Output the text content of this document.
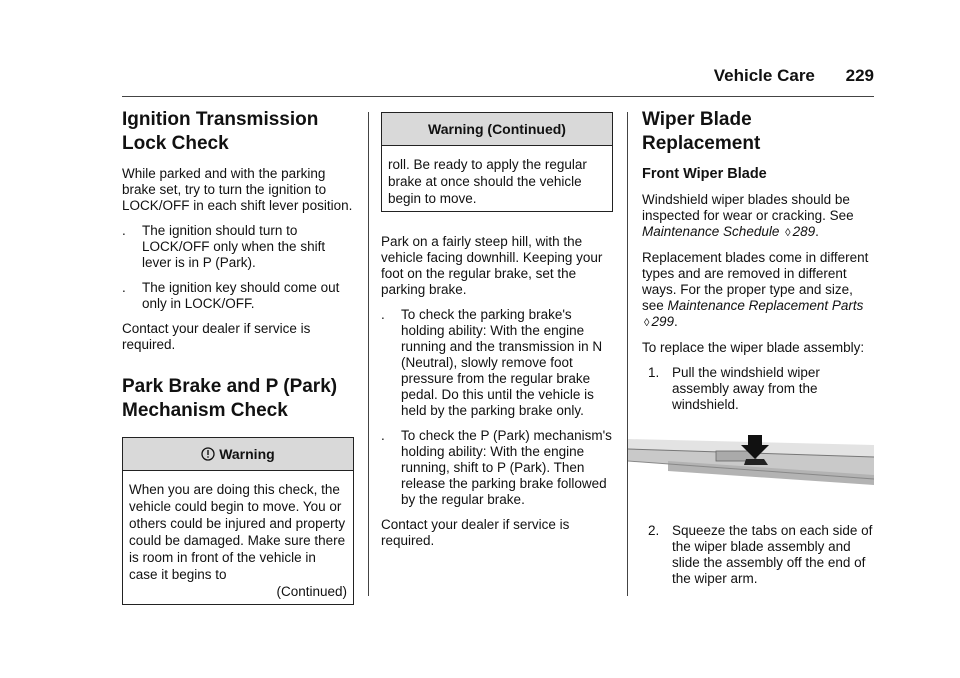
Vehicle Care 229
Ignition Transmission Lock Check

While parked and with the parking brake set, try to turn the ignition to LOCK/OFF in each shift lever position.

. The ignition should turn to LOCK/OFF only when the shift lever is in P (Park).
. The ignition key should come out only in LOCK/OFF.

Contact your dealer if service is required.

Park Brake and P (Park) Mechanism Check
Warning
When you are doing this check, the vehicle could begin to move. You or others could be injured and property could be damaged. Make sure there is room in front of the vehicle in case it begins to
(Continued)
Warning (Continued)
roll. Be ready to apply the regular brake at once should the vehicle begin to move.

Park on a fairly steep hill, with the vehicle facing downhill. Keeping your foot on the regular brake, set the parking brake.

. To check the parking brake's holding ability: With the engine running and the transmission in N (Neutral), slowly remove foot pressure from the regular brake pedal. Do this until the vehicle is held by the parking brake only.
. To check the P (Park) mechanism's holding ability: With the engine running, shift to P (Park). Then release the parking brake followed by the regular brake.

Contact your dealer if service is required.

Wiper Blade Replacement
Front Wiper Blade

Windshield wiper blades should be inspected for wear or cracking. See Maintenance Schedule ◊ 289.

Replacement blades come in different types and are removed in different ways. For the proper type and size, see Maintenance Replacement Parts ◊ 299.

To replace the wiper blade assembly:

1. Pull the windshield wiper assembly away from the windshield.
2. Squeeze the tabs on each side of the wiper blade assembly and slide the assembly off the end of the wiper arm.
